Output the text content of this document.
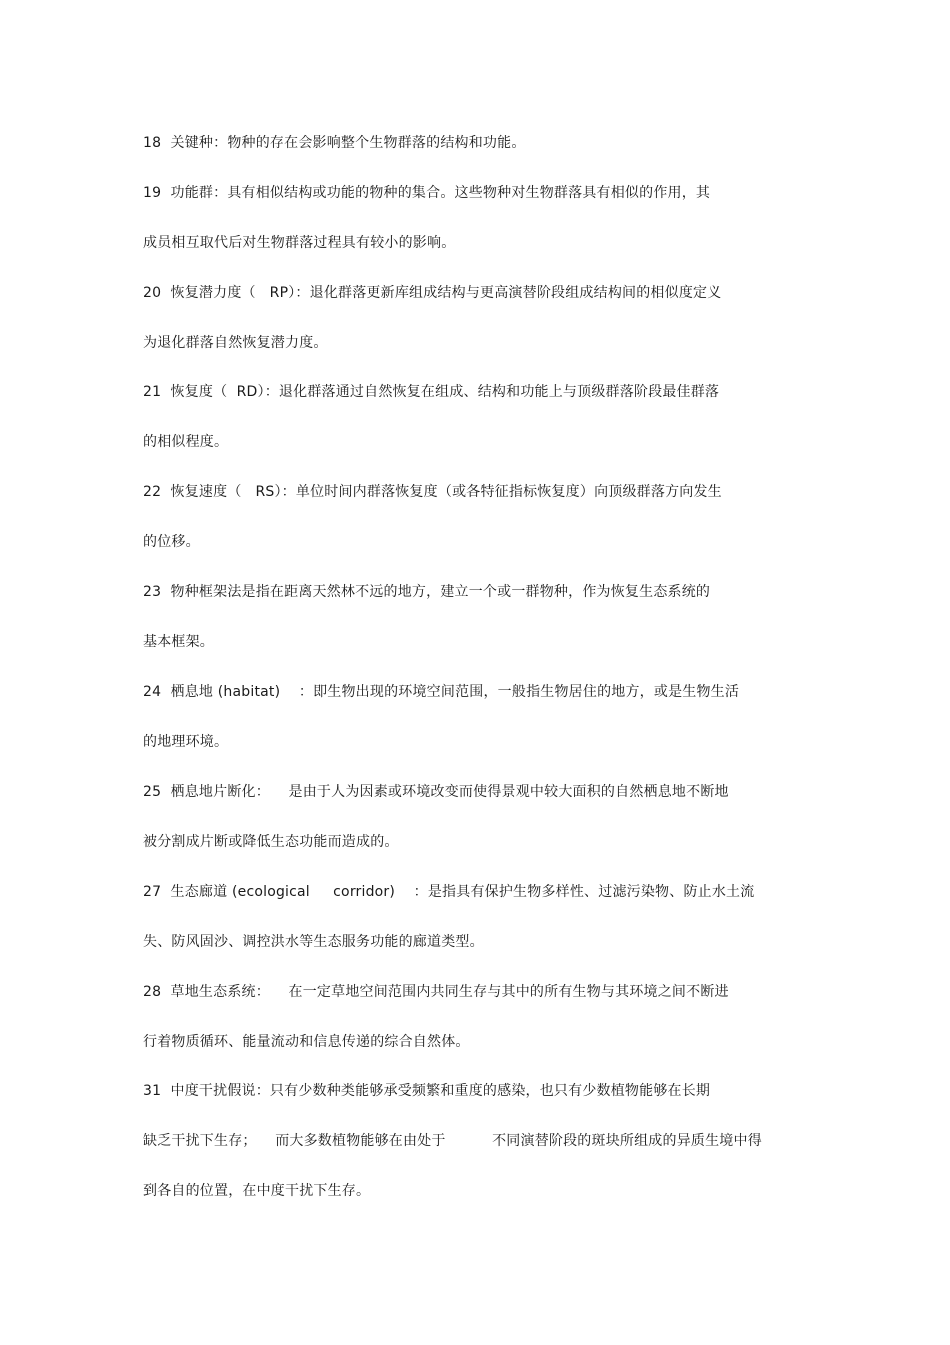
18  关键种：物种的存在会影响整个生物群落的结构和功能。
19  功能群：具有相似结构或功能的物种的集合。这些物种对生物群落具有相似的作用，其
成员相互取代后对生物群落过程具有较小的影响。
20  恢复潜力度（   RP）：退化群落更新库组成结构与更高演替阶段组成结构间的相似度定义
为退化群落自然恢复潜力度。
21  恢复度（  RD）：退化群落通过自然恢复在组成、结构和功能上与顶级群落阶段最佳群落
的相似程度。
22  恢复速度（   RS）：单位时间内群落恢复度（或各特征指标恢复度）向顶级群落方向发生
的位移。
23  物种框架法是指在距离天然林不远的地方，建立一个或一群物种，作为恢复生态系统的
基本框架。
24  栖息地 (habitat)    ：即生物出现的环境空间范围，一般指生物居住的地方，或是生物生活
的地理环境。
25  栖息地片断化：    是由于人为因素或环境改变而使得景观中较大面积的自然栖息地不断地
被分割成片断或降低生态功能而造成的。
27  生态廊道 (ecological     corridor)    ：是指具有保护生物多样性、过滤污染物、防止水土流
失、防风固沙、调控洪水等生态服务功能的廊道类型。
28  草地生态系统：    在一定草地空间范围内共同生存与其中的所有生物与其环境之间不断进
行着物质循环、能量流动和信息传递的综合自然体。
31  中度干扰假说：只有少数种类能够承受频繁和重度的感染，也只有少数植物能够在长期
缺乏干扰下生存；    而大多数植物能够在由处于          不同演替阶段的斑块所组成的异质生境中得
到各自的位置，在中度干扰下生存。
